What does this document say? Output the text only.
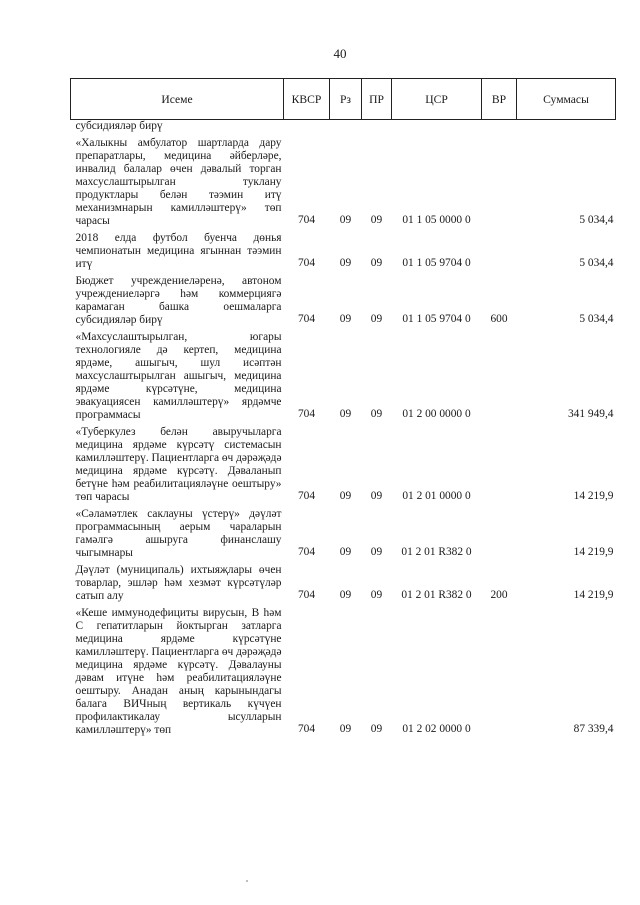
40
Исеме	КВСР	Рз	ПР	ЦСР	ВР	Суммасы
субсидияләр бирү						
«Халыкны амбулатор шартларда дару препаратлары, медицина әйберләре, инвалид балалар өчен дәвалый торган махсуслаштырылган туклану продуктлары белән тәэмин итү механизмнарын камилләштерү» төп чарасы	704	09	09	01 1 05 0000 0		5 034,4
2018 елда футбол буенча дөнья чемпионатын медицина ягыннан тәэмин итү	704	09	09	01 1 05 9704 0		5 034,4
Бюджет учреждениеләренә, автоном учреждениеләргә һәм коммерциягә карамаган башка оешмаларга субсидияләр бирү	704	09	09	01 1 05 9704 0	600	5 034,4
«Махсуслаштырылган, югары технологияле дә кертеп, медицина ярдәме, ашыгыч, шул исәптән махсуслаштырылган ашыгыч, медицина ярдәме күрсәтүне, медицина эвакуациясен камилләштерү» ярдәмче программасы	704	09	09	01 2 00 0000 0		341 949,4
«Туберкулез белән авыручыларга медицина ярдәме күрсәтү системасын камилләштерү. Пациентларга өч дәрәҗәдә медицина ярдәме күрсәтү. Дәваланып бетүне һәм реабилитацияләүне оештыру» төп чарасы	704	09	09	01 2 01 0000 0		14 219,9
«Сәламәтлек саклауны үстерү» дәүләт программасының аерым чараларын гамәлгә ашыруга финанслашу чыгымнары	704	09	09	01 2 01 R382 0		14 219,9
Дәүләт (муниципаль) ихтыяҗлары өчен товарлар, эшләр һәм хезмәт күрсәтүләр сатып алу	704	09	09	01 2 01 R382 0	200	14 219,9
«Кеше иммунодефициты вирусын, B һәм C гепатитларын йоктырган затларга медицина ярдәме күрсәтүне камилләштерү. Пациентларга өч дәрәҗәдә медицина ярдәме күрсәтү. Дәвалауны дәвам итүне һәм реабилитацияләүне оештыру. Анадан аның карынындагы балага ВИЧның вертикаль күчүен профилактикалау ысулларын камилләштерү» төп	704	09	09	01 2 02 0000 0		87 339,4
